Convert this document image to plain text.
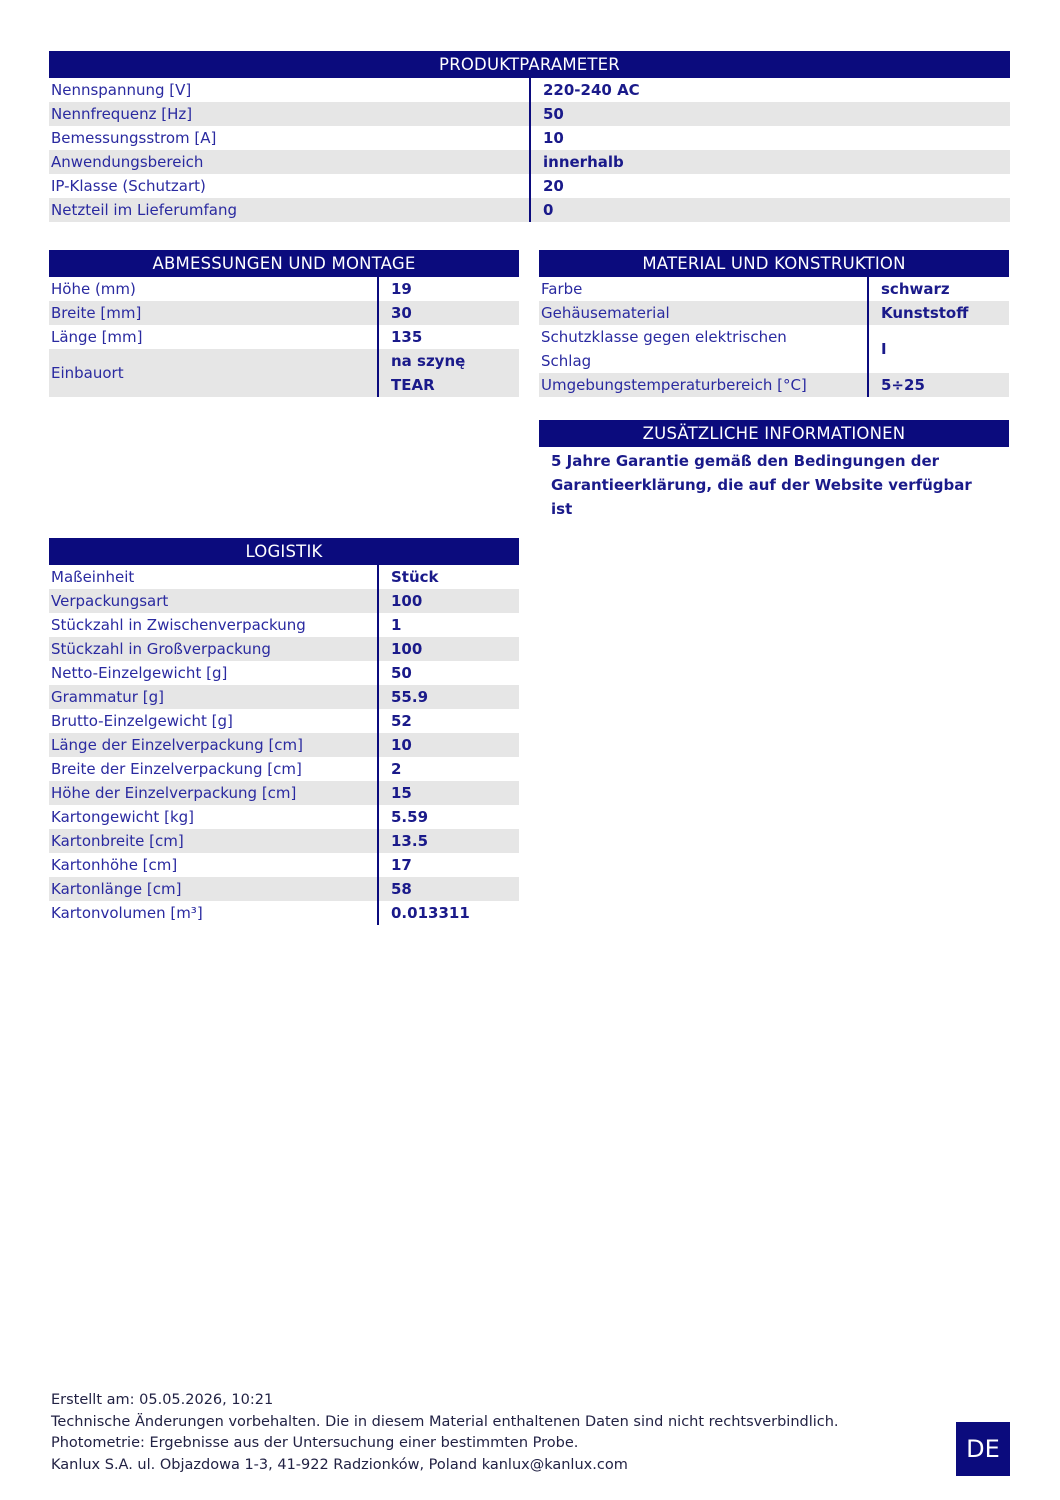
PRODUKTPARAMETER
Nennspannung [V]	220-240 AC
Nennfrequenz [Hz]	50
Bemessungsstrom [A]	10
Anwendungsbereich	innerhalb
IP-Klasse (Schutzart)	20
Netzteil im Lieferumfang	0
ABMESSUNGEN UND MONTAGE
Höhe (mm)	19
Breite [mm]	30
Länge [mm]	135
Einbauort	na szynę TEAR
MATERIAL UND KONSTRUKTION
Farbe	schwarz
Gehäusematerial	Kunststoff
Schutzklasse gegen elektrischen Schlag	I
Umgebungstemperaturbereich [°C]	5÷25
ZUSÄTZLICHE INFORMATIONEN
5 Jahre Garantie gemäß den Bedingungen der Garantieerklärung, die auf der Website verfügbar ist
LOGISTIK
Maßeinheit	Stück
Verpackungsart	100
Stückzahl in Zwischenverpackung	1
Stückzahl in Großverpackung	100
Netto-Einzelgewicht [g]	50
Grammatur [g]	55.9
Brutto-Einzelgewicht [g]	52
Länge der Einzelverpackung [cm]	10
Breite der Einzelverpackung [cm]	2
Höhe der Einzelverpackung [cm]	15
Kartongewicht [kg]	5.59
Kartonbreite [cm]	13.5
Kartonhöhe [cm]	17
Kartonlänge [cm]	58
Kartonvolumen [m³]	0.013311
Erstellt am: 05.05.2026, 10:21
Technische Änderungen vorbehalten. Die in diesem Material enthaltenen Daten sind nicht rechtsverbindlich.
Photometrie: Ergebnisse aus der Untersuchung einer bestimmten Probe.
Kanlux S.A. ul. Objazdowa 1-3, 41-922 Radzionków, Poland kanlux@kanlux.com
DE
